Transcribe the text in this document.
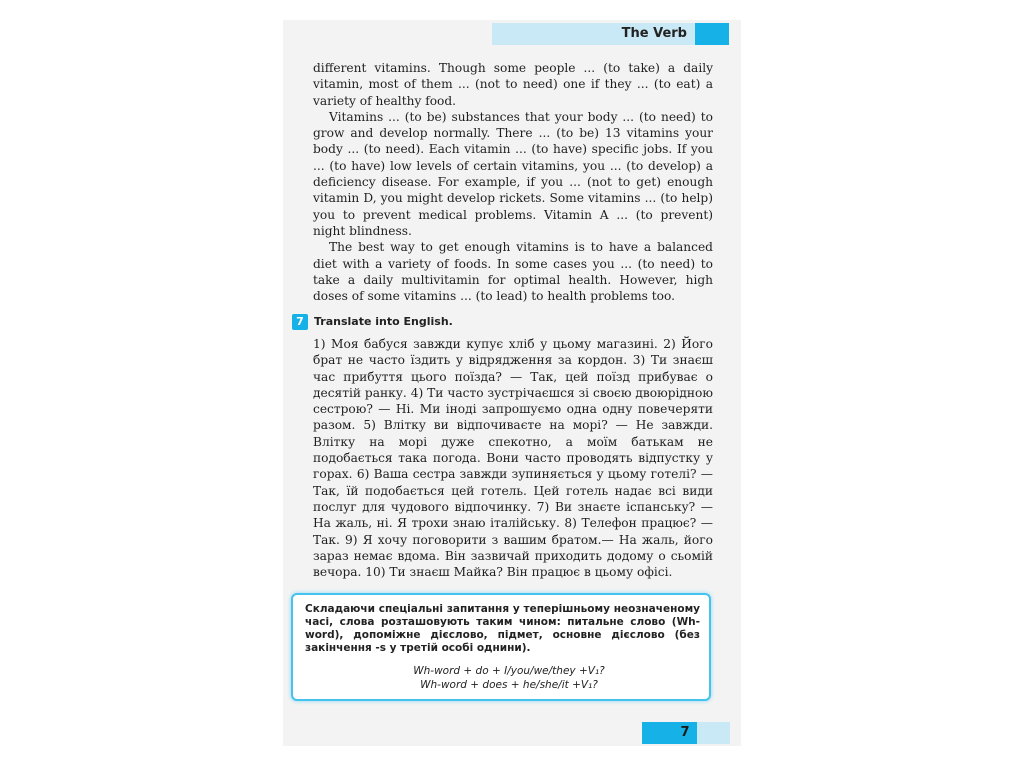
The Verb

different vitamins. Though some people ... (to take) a daily vitamin, most of them ... (not to need) one if they ... (to eat) a variety of healthy food.

Vitamins ... (to be) substances that your body ... (to need) to grow and develop normally. There ... (to be) 13 vitamins your body ... (to need). Each vitamin ... (to have) specific jobs. If you ... (to have) low levels of certain vitamins, you ... (to develop) a deficiency disease. For example, if you ... (not to get) enough vitamin D, you might develop rickets. Some vitamins ... (to help) you to prevent medical problems. Vitamin A ... (to prevent) night blindness.

The best way to get enough vitamins is to have a balanced diet with a variety of foods. In some cases you ... (to need) to take a daily multivitamin for optimal health. However, high doses of some vitamins ... (to lead) to health problems too.

7 Translate into English.

1) Моя бабуся завжди купує хліб у цьому магазині. 2) Його брат не часто їздить у відрядження за кордон. 3) Ти знаєш час прибуття цього поїзда? — Так, цей поїзд прибуває о десятій ранку. 4) Ти часто зустрічаєшся зі своєю двоюрідною сестрою? — Ні. Ми іноді запрошуємо одна одну повечеряти разом. 5) Влітку ви відпочиваєте на морі? — Не завжди. Влітку на морі дуже спекотно, а моїм батькам не подобається така погода. Вони часто проводять відпустку у горах. 6) Ваша сестра завжди зупиняється у цьому готелі? — Так, їй подобається цей готель. Цей готель надає всі види послуг для чудового відпочинку. 7) Ви знаєте іспанську? — На жаль, ні. Я трохи знаю італійську. 8) Телефон працює? — Так. 9) Я хочу поговорити з вашим братом.— На жаль, його зараз немає вдома. Він зазвичай приходить додому о сьомій вечора. 10) Ти знаєш Майка? Він працює в цьому офісі.

Складаючи спеціальні запитання у теперішньому неозначеному часі, слова розташовують таким чином: питальне слово (Wh-word), допоміжне дієслово, підмет, основне дієслово (без закінчення -s у третій особі однини).

Wh-word + do + I/you/we/they +V₁?
Wh-word + does + he/she/it +V₁?
7
